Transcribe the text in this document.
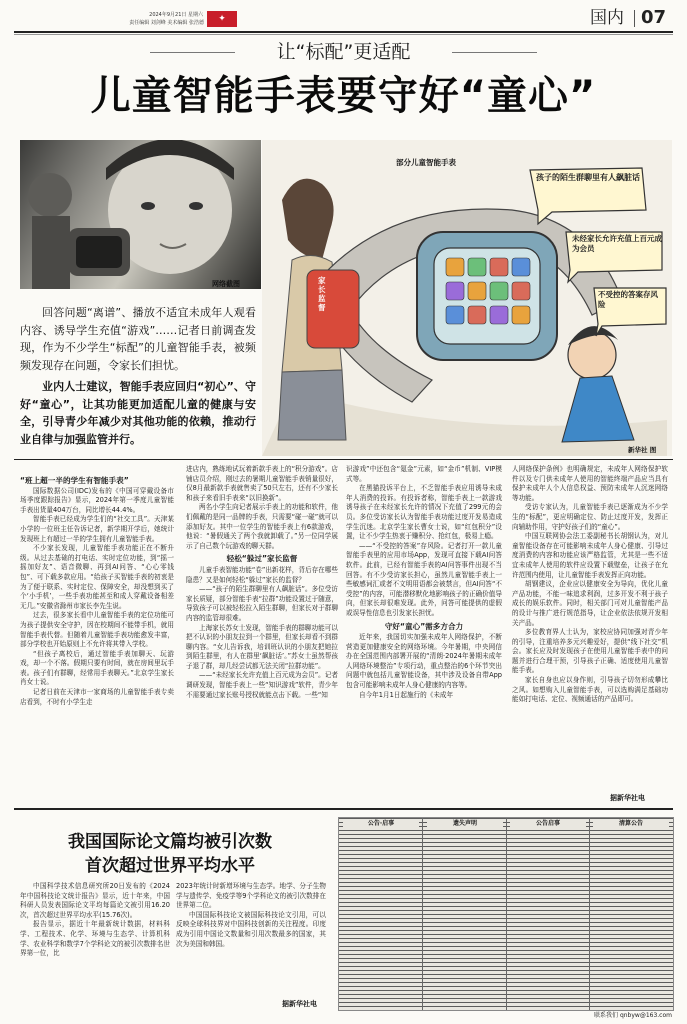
✦
2024年9月21日 星期六
责任编辑 刘剑峰 美术编辑 张浩德	国内 07
让“标配”更适配
儿童智能手表要守好“童心”
网络截图
部分儿童智能手表
家长监督
孩子的陌生群聊里有人飙脏话
未经家长允许充值上百元成为会员
不受控的答案存风险
新华社 图
回答问题“离谱”、播放不适宜未成年人观看内容、诱导学生充值“游戏”……记者日前调查发现，作为不少学生“标配”的儿童智能手表，被频频发现存在问题，令家长们担忧。
业内人士建议，智能手表应回归“初心”、守好“童心”，让其功能更加适配儿童的健康与安全，引导青少年减少对其他功能的依赖，推动行业自律与加强监管并行。
“班上超一半的学生有智能手表”

国际数据公司(IDC)发布的《中国可穿戴设备市场季度跟踪报告》显示，2024年第一季度儿童智能手表出货量404万台，同比增长44.4%。

智能手表已经成为学生们的“社交工具”。天津某小学的一位班主任告诉记者，新学期开学后，她统计发现班上有超过一半的学生拥有儿童智能手表。

不少家长发现，儿童智能手表功能正在不断升级。从过去基础的打电话、实时定位功能，到“摇一摇加好友”、语音微聊、再到AI问答、“心心零钱包”、可下载多款应用。“给孩子买智能手表的初衷是为了便于联系、实时定位、保障安全，却没想到买了个‘小手机’，一些手表功能甚至和成人穿戴设备相差无几。”安徽省滁州市家长李先生说。

过去，很多家长看中儿童智能手表的定位功能可为孩子提供安全守护，因在校期间不能带手机，就用智能手表代替。但随着儿童智能手表功能愈发丰富，部分学校也开始原则上不允许将其带入学校。

“但孩子离校后，通过智能手表加聊天、玩游戏，却一个不落。假期只要有时间，就在房间里玩手表。孩子们有群聊，经常用手表聊天。”北京学生家长肖女士说。

记者日前在天津市一家商场的儿童智能手表专卖店看到，不时有小学生走

进店内，熟练地试玩着新款手表上的“积分游戏”。店铺店员介绍，刚过去的暑期儿童智能手表销量很好，仅8月最新款手表就售卖了50只左右，还有不少家长和孩子来看旧手表来“以旧换新”。

两名小学生向记者展示手表上的功能和软件，他们佩戴的是同一品牌的手表，只需要“碰一碰”就可以添加好友。其中一位学生的智能手表上有6款游戏，他说：“暑假通关了两个我就卸载了。”另一位同学展示了自己数个玩游戏的聊天群。

轻松“躲过”家长监督

儿童手表智能功能“卷”出新花样，背后存在哪些隐患？又是如何轻松“躲过”家长的监督？

——“孩子的陌生群聊里有人飙脏话”。多位受访家长质疑，部分智能手表“拉群”功能设置过于随意，导致孩子可以被轻松拉入陌生群聊，但家长对于群聊内容的监管却很难。

上海家长苏女士发现，智能手表的群聊功能可以把不认识的小朋友拉到一个群里，但家长却看不到群聊内容。“女儿告诉我，培训班认识的小朋友把她拉到陌生群里，有人在群里‘飙脏话’。”苏女士虽然帮孩子退了群，却几经尝试都无法关闭“拉群功能”。

——“未经家长允许充值上百元成为会员”。记者调研发现，智能手表上一些“知识游戏”软件，青少年不需要通过家长账号授权就能点击下载。一些“知

识游戏”中还包含“氪金”元素，如“金币”机制、VIP模式等。

在黑猫投诉平台上，不乏智能手表应用诱导未成年人消费的投诉。有投诉者称，智能手表上一款游戏诱导孩子在未经家长允许的情况下充值了299元的会员。多位受访家长认为智能手表功能过度开发易造成学生沉迷。北京学生家长曹女士说，如“红包积分”设置，让不少学生热衷于赚积分、抢红包，极易上瘾。

——“不受控的答案”存风险。记者打开一款儿童智能手表里的应用市场App，发现可直接下载AI问答软件。此前，已经有智能手表的AI问答事件出现不当回答。有不少受访家长担心，虽然儿童智能手表上一些敏感词汇或者不文明用语都会被禁言，但AI问答“不受控”的内容，可能潜移默化地影响孩子的正确价值导向，但家长却很难发现。此外，问答可能提供的虚假或误导性信息也引发家长担忧。

守好“童心”需多方合力

近年来，我国切实加强未成年人网络保护，不断营造更加健康安全的网络环境。今年暑期，中央网信办在全国范围内部署开展的“清朗·2024年暑期未成年人网络环境整治”专项行动，重点整治的6个环节突出问题中就包括儿童智能设备，其中涉及设备自带App包含可能影响未成年人身心健康的内容等。

自今年1月1日起施行的《未成年

人网络保护条例》也明确规定，未成年人网络保护软件以及专门供未成年人使用的智能终端产品应当具有保护未成年人个人信息权益、预防未成年人沉迷网络等功能。

受访专家认为，儿童智能手表已逐渐成为不少学生的“标配”，更应明确定位、防止过度开发，发挥正向辅助作用，守护好孩子们的“童心”。

中国互联网协会法工委副秘书长胡钢认为，对儿童智能设备存在可能影响未成年人身心健康、引导过度消费的内容和功能应该严格监管，尤其是一些不适宜未成年人使用的软件应设置下载壁垒，让孩子在允许范围内使用，让儿童智能手表发挥正向功能。

胡钢建议，企业应以健康安全为导向，优化儿童产品功能，不能一味追求利润，过多开发不利于孩子成长的娱乐软件。同时，相关部门可对儿童智能产品的设计与推广进行规范指导，让企业依法依规开发相关产品。

多位教育界人士认为，家校应协同加强对青少年的引导，注重培养多元兴趣爱好，提供“线下社交”机会。家长应及时发现孩子在使用儿童智能手表中的问题并进行合理干预，引导孩子正确、适度使用儿童智能手表。

家长自身也应以身作则，引导孩子切勿形成攀比之风。如想购入儿童智能手表，可以选购满足基础功能如打电话、定位、视频通话的产品即可。

据新华社电
我国国际论文篇均被引次数
首次超过世界平均水平

中国科学技术信息研究所20日发布的《2024年中国科技论文统计报告》显示，近十年来，中国科研人员发表国际论文平均每篇论文被引用16.20次，首次超过世界平均水平(15.76次)。

报告显示，据近十年最新统计数据，材料科学、工程技术、化学、环境与生态学、计算机科学、农业科学和数学7个学科论文的被引次数排名世界第一位，比

2023年统计时新增环境与生态学。地学、分子生物学与遗传学、免疫学等9个学科论文的被引次数排在世界第二位。

中国国际科技论文被国际科技论文引用，可以反映全球科技界对中国科技创新的关注程度。印度成为引用中国论文数量和引用次数最多的国家，其次为美国和韩国。

据新华社电
公告·启事	遗失声明	公告启事	清算公告
联系我们 qnbyw@163.com
